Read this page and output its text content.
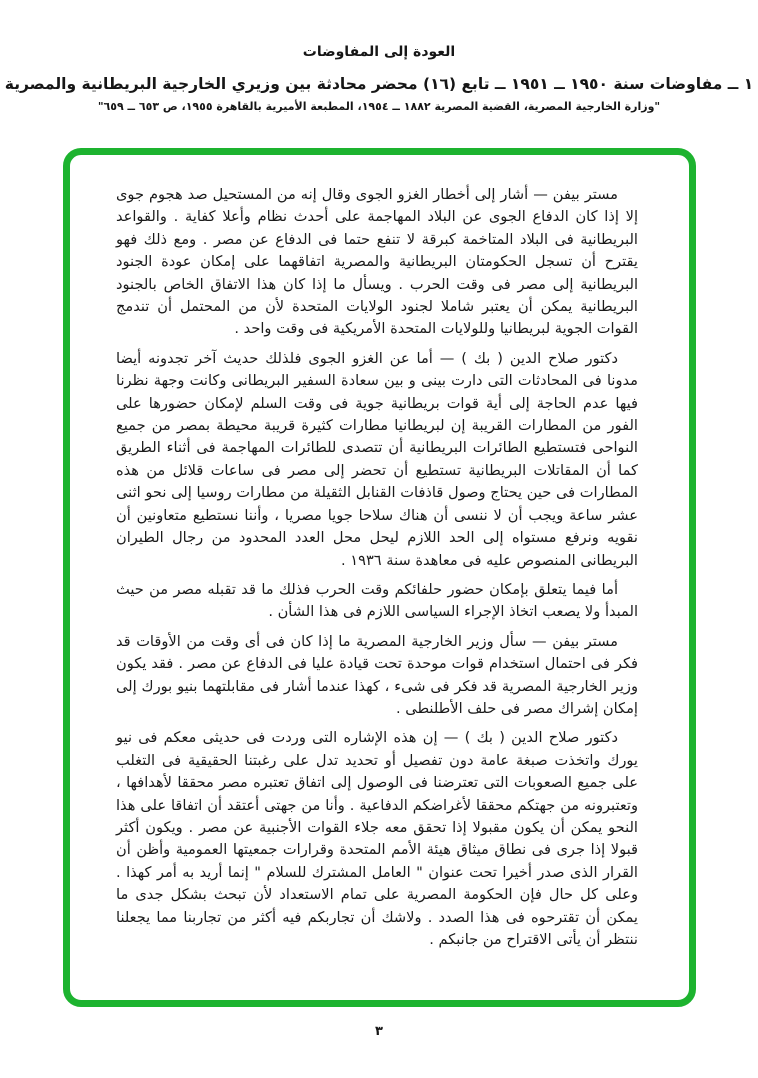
العودة إلى المفاوضات

١ ــ مفاوضات سنة ١٩٥٠ ــ ١٩٥١ ــ تابع (١٦) محضر محادثة بين وزيري الخارجية البريطانية والمصرية

"وزارة الخارجية المصرية، القضية المصرية ١٨٨٢ ــ ١٩٥٤، المطبعة الأميرية بالقاهرة ١٩٥٥، ص ٦٥٣ ــ ٦٥٩"

مستر بيفن — أشار إلى أخطار الغزو الجوى وقال إنه من المستحيل صد هجوم جوى إلا إذا كان الدفاع الجوى عن البلاد المهاجمة على أحدث نظام وأعلا كفاية . والقواعد البريطانية فى البلاد المتاخمة كبرقة لا تنفع حتما فى الدفاع عن مصر . ومع ذلك فهو يقترح أن تسجل الحكومتان البريطانية والمصرية اتفاقهما على إمكان عودة الجنود البريطانية إلى مصر فى وقت الحرب . ويسأل ما إذا كان هذا الاتفاق الخاص بالجنود البريطانية يمكن أن يعتبر شاملا لجنود الولايات المتحدة لأن من المحتمل أن تندمج القوات الجوية لبريطانيا وللولايات المتحدة الأمريكية فى وقت واحد .

دكتور صلاح الدين ( بك ) — أما عن الغزو الجوى فلذلك حديث آخر تجدونه أيضا مدونا فى المحادثات التى دارت بينى و بين سعادة السفير البريطانى وكانت وجهة نظرنا فيها عدم الحاجة إلى أية قوات بريطانية جوية فى وقت السلم لإمكان حضورها على الفور من المطارات القريبة إن لبريطانيا مطارات كثيرة قريبة محيطة بمصر من جميع النواحى فتستطيع الطائرات البريطانية أن تتصدى للطائرات المهاجمة فى أثناء الطريق كما أن المقاتلات البريطانية تستطيع أن تحضر إلى مصر فى ساعات قلائل من هذه المطارات فى حين يحتاج وصول قاذفات القنابل الثقيلة من مطارات روسيا إلى نحو اثنى عشر ساعة ويجب أن لا ننسى أن هناك سلاحا جويا مصريا ، وأننا نستطيع متعاونين أن نقويه ونرفع مستواه إلى الحد اللازم ليحل محل العدد المحدود من رجال الطيران البريطانى المنصوص عليه فى معاهدة سنة ١٩٣٦ .

أما فيما يتعلق بإمكان حضور حلفائكم وقت الحرب فذلك ما قد تقبله مصر من حيث المبدأ ولا يصعب اتخاذ الإجراء السياسى اللازم فى هذا الشأن .

مستر بيفن — سأل وزير الخارجية المصرية ما إذا كان فى أى وقت من الأوقات قد فكر فى احتمال استخدام قوات موحدة تحت قيادة عليا فى الدفاع عن مصر . فقد يكون وزير الخارجية المصرية قد فكر فى شىء ، كهذا عندما أشار فى مقابلتهما بنيو بورك إلى إمكان إشراك مصر فى حلف الأطلنطى .

دكتور صلاح الدين ( بك ) — إن هذه الإشاره التى وردت فى حديثى معكم فى نيو يورك واتخذت صبغة عامة دون تفصيل أو تحديد تدل على رغبتنا الحقيقية فى التغلب على جميع الصعوبات التى تعترضنا فى الوصول إلى اتفاق تعتبره مصر محققا لأهدافها ، وتعتبرونه من جهتكم محققا لأغراضكم الدفاعية . وأنا من جهتى أعتقد أن اتفاقا على هذا النحو يمكن أن يكون مقبولا إذا تحقق معه جلاء القوات الأجنبية عن مصر . ويكون أكثر قبولا إذا جرى فى نطاق ميثاق هيئة الأمم المتحدة وقرارات جمعيتها العمومية وأظن أن القرار الذى صدر أخيرا تحت عنوان " العامل المشترك للسلام " إنما أريد به أمر كهذا . وعلى كل حال فإن الحكومة المصرية على تمام الاستعداد لأن تبحث بشكل جدى ما يمكن أن تقترحوه فى هذا الصدد . ولاشك أن تجاربكم فيه أكثر من تجاربنا مما يجعلنا ننتظر أن يأتى الاقتراح من جانبكم .

٣
